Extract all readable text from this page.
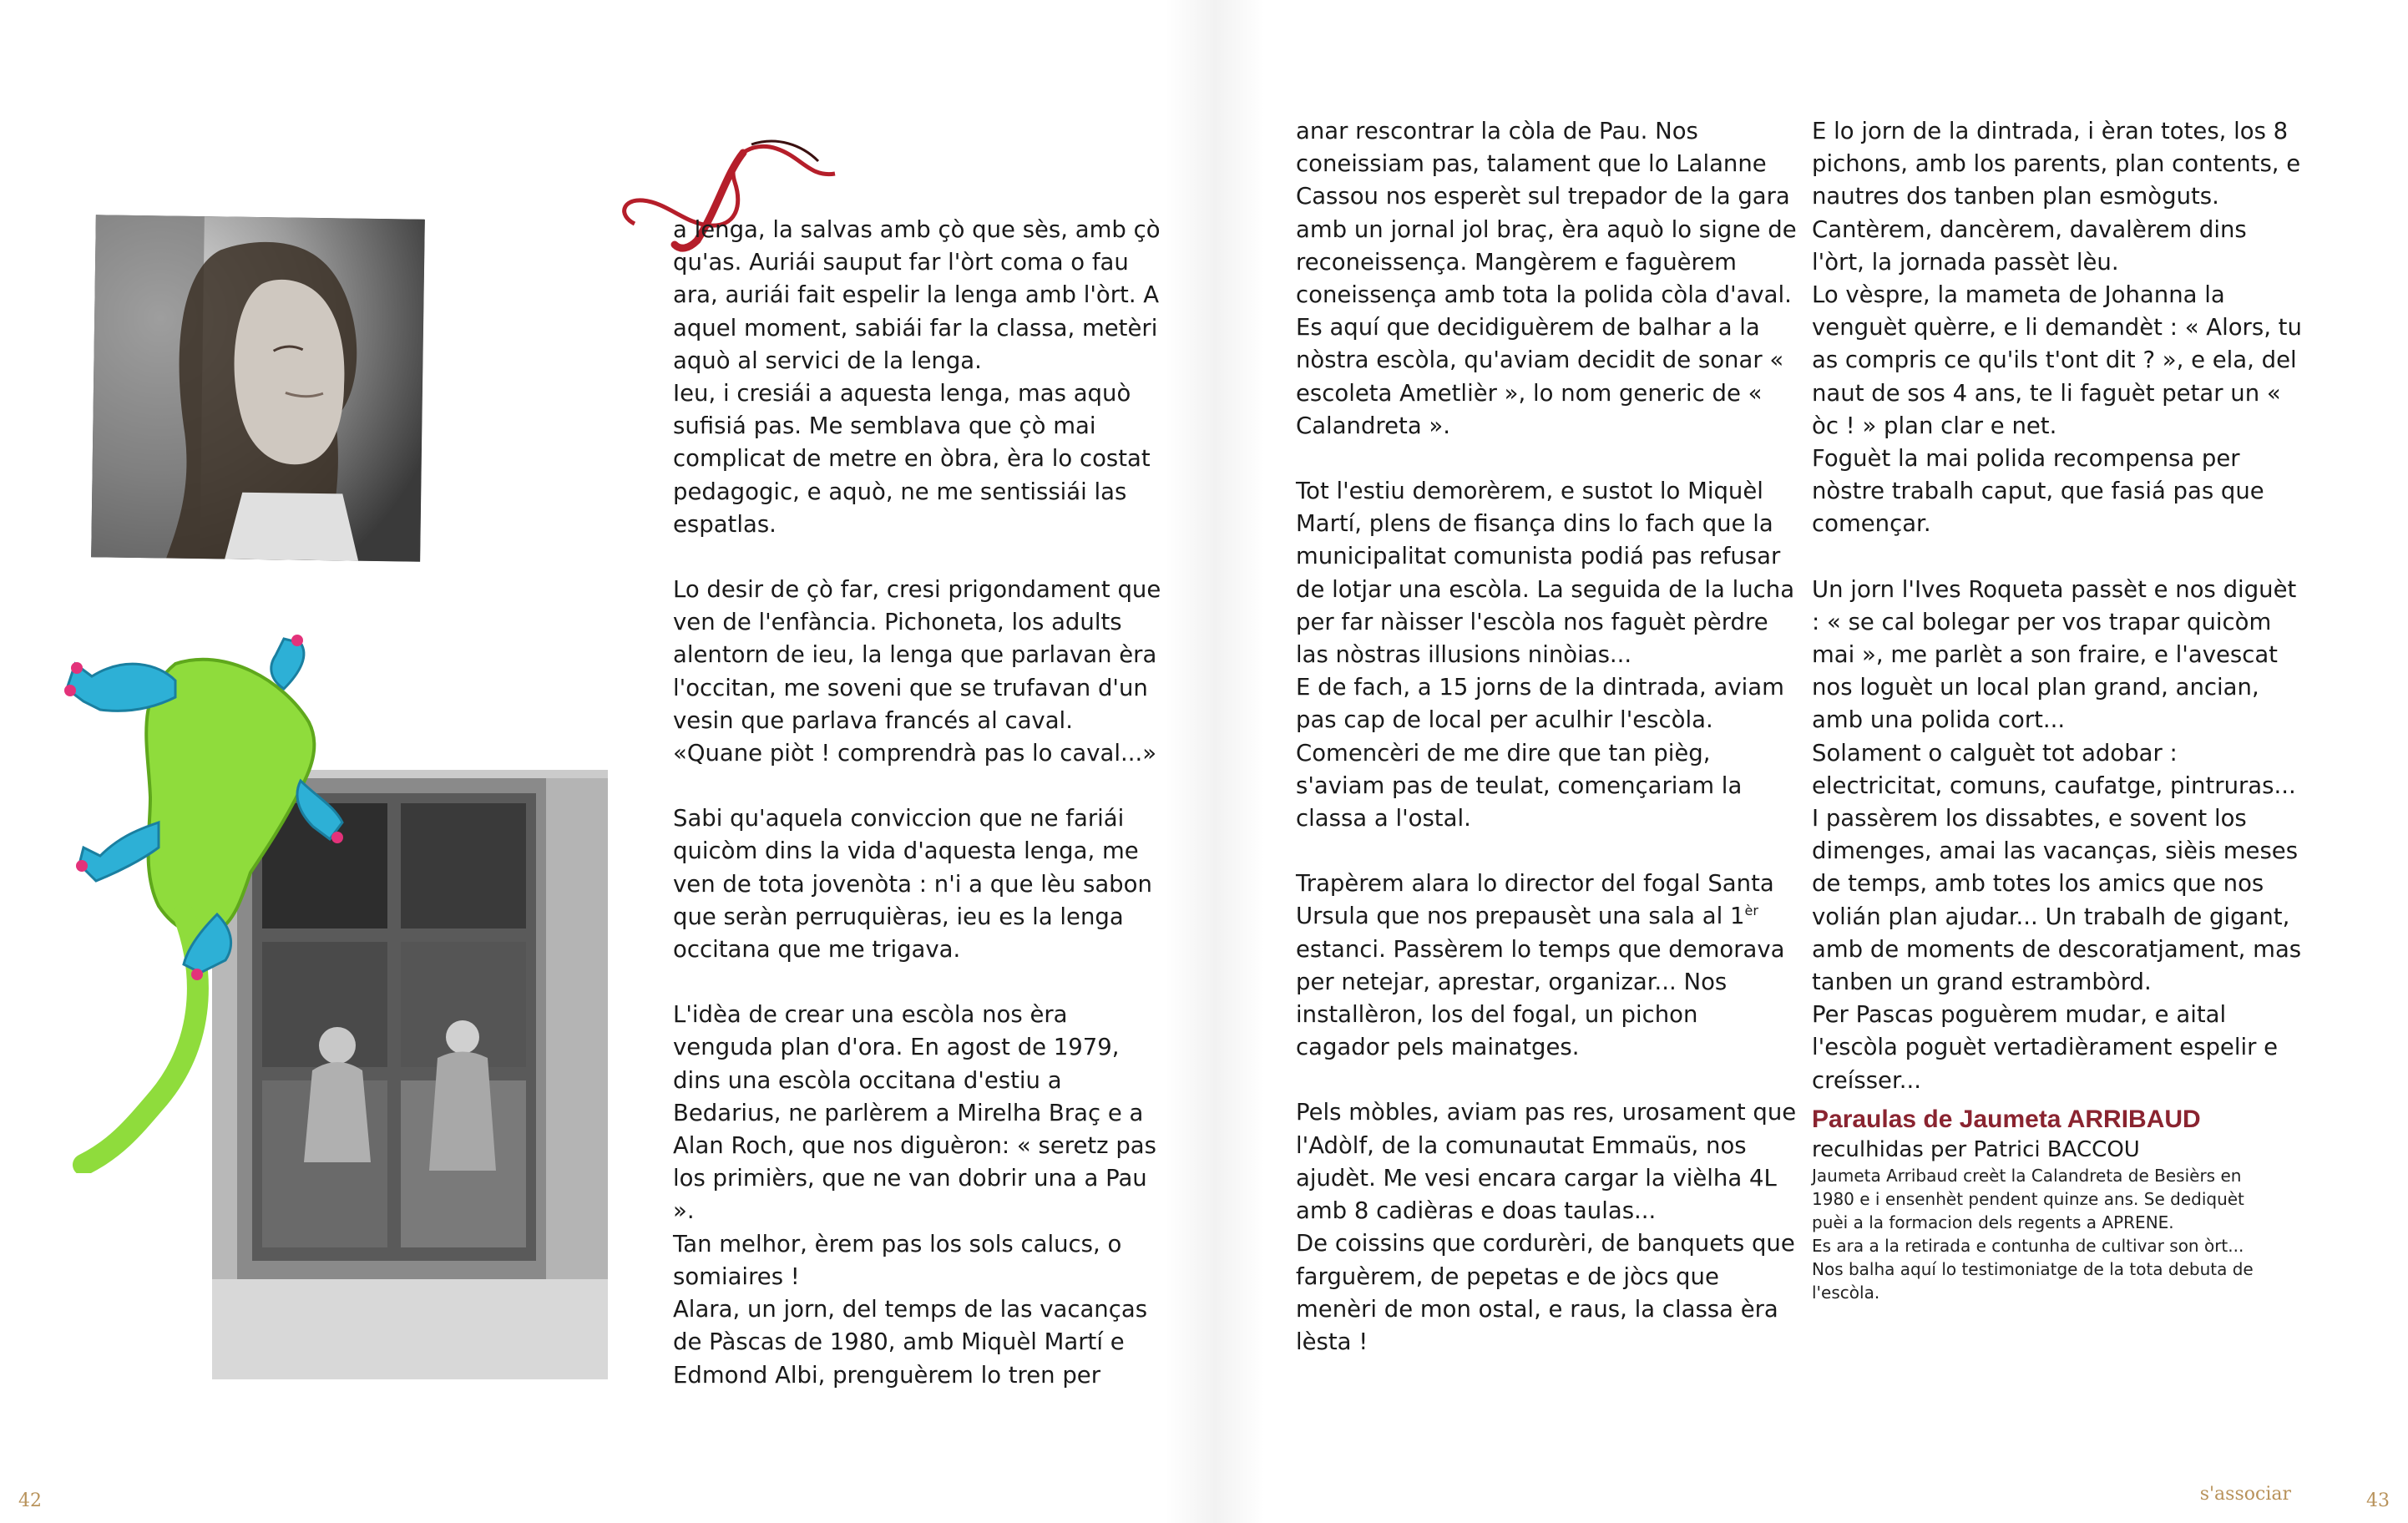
L

a lenga, la salvas amb çò que sès, amb çò qu'as. Auriái sauput far l'òrt coma o fau ara, auriái fait espelir la lenga amb l'òrt. A aquel moment, sabiái far la classa, metèri aquò al servici de la lenga.

Ieu, i cresiái a aquesta lenga, mas aquò sufisiá pas. Me semblava que çò mai complicat de metre en òbra, èra lo costat pedagogic, e aquò, ne me sentissiái las espatlas.

Lo desir de çò far, cresi prigondament que ven de l'enfància. Pichoneta, los adults alentorn de ieu, la lenga que parlavan èra l'occitan, me soveni que se trufavan d'un vesin que parlava francés al caval. «Quane piòt ! comprendrà pas lo caval...»

Sabi qu'aquela conviccion que ne fariái quicòm dins la vida d'aquesta lenga, me ven de tota jovenòta : n'i a que lèu sabon que seràn perruquièras, ieu es la lenga occitana que me trigava.

L'idèa de crear una escòla nos èra venguda plan d'ora. En agost de 1979, dins una escòla occitana d'estiu a Bedarius, ne parlèrem a Mirelha Braç e a Alan Roch, que nos diguèron: « seretz pas los primièrs, que ne van dobrir una a Pau ».

Tan melhor, èrem pas los sols calucs, o somiaires !

Alara, un jorn, del temps de las vacanças de Pàscas de 1980, amb Miquèl Martí e Edmond Albi, prenguèrem lo tren per

anar rescontrar la còla de Pau. Nos coneissiam pas, talament que lo Lalanne Cassou nos esperèt sul trepador de la gara amb un jornal jol braç, èra aquò lo signe de reconeissença. Mangèrem e faguèrem coneissença amb tota la polida còla d'aval.

Es aquí que decidiguèrem de balhar a la nòstra escòla, qu'aviam decidit de sonar « escoleta Ametlièr », lo nom generic de « Calandreta ».

Tot l'estiu demorèrem, e sustot lo Miquèl Martí, plens de fisança dins lo fach que la municipalitat comunista podiá pas refusar de lotjar una escòla. La seguida de la lucha per far nàisser l'escòla nos faguèt pèrdre las nòstras illusions ninòias...

E de fach, a 15 jorns de la dintrada, aviam pas cap de local per aculhir l'escòla. Comencèri de me dire que tan pièg, s'aviam pas de teulat, començariam la classa a l'ostal.

Trapèrem alara lo director del fogal Santa Ursula que nos prepausèt una sala al $1^{èr}$ estanci. Passèrem lo temps que demorava per netejar, aprestar, organizar... Nos installèron, los del fogal, un pichon cagador pels mainatges.

Pels mòbles, aviam pas res, urosament que l'Adòlf, de la comunautat Emmaüs, nos ajudèt. Me vesi encara cargar la vièlha 4L amb 8 cadièras e doas taulas...

De coissins que cordurèri, de banquets que farguèrem, de pepetas e de jòcs que menèri de mon ostal, e raus, la classa èra lèsta !

E lo jorn de la dintrada, i èran totes, los 8 pichons, amb los parents, plan contents, e nautres dos tanben plan esmòguts. Cantèrem, dancèrem, davalèrem dins l'òrt, la jornada passèt lèu.

Lo vèspre, la mameta de Johanna la venguèt quèrre, e li demandèt : « Alors, tu as compris ce qu'ils t'ont dit ? », e ela, del naut de sos 4 ans, te li faguèt petar un « òc ! » plan clar e net.

Foguèt la mai polida recompensa per nòstre trabalh caput, que fasiá pas que començar.

Un jorn l'Ives Roqueta passèt e nos diguèt : « se cal bolegar per vos trapar quicòm mai », me parlèt a son fraire, e l'avescat nos loguèt un local plan grand, ancian, amb una polida cort...

Solament o calguèt tot adobar : electricitat, comuns, caufatge, pintruras...

I passèrem los dissabtes, e sovent los dimenges, amai las vacanças, sièis meses de temps, amb totes los amics que nos volián plan ajudar... Un trabalh de gigant, amb de moments de descoratjament, mas tanben un grand estrambòrd.

Per Pascas poguèrem mudar, e aital l'escòla poguèt vertadièrament espelir e creísser...

Paraulas de Jaumeta ARRIBAUD

reculhidas per Patrici BACCOU

Jaumeta Arribaud creèt la Calandreta de Besièrs en 1980 e i ensenhèt pendent quinze ans. Se dediquèt puèi a la formacion dels regents a APRENE.

Es ara a la retirada e contunha de cultivar son òrt...

Nos balha aquí lo testimoniatge de la tota debuta de l'escòla.

42	s'associar	43
